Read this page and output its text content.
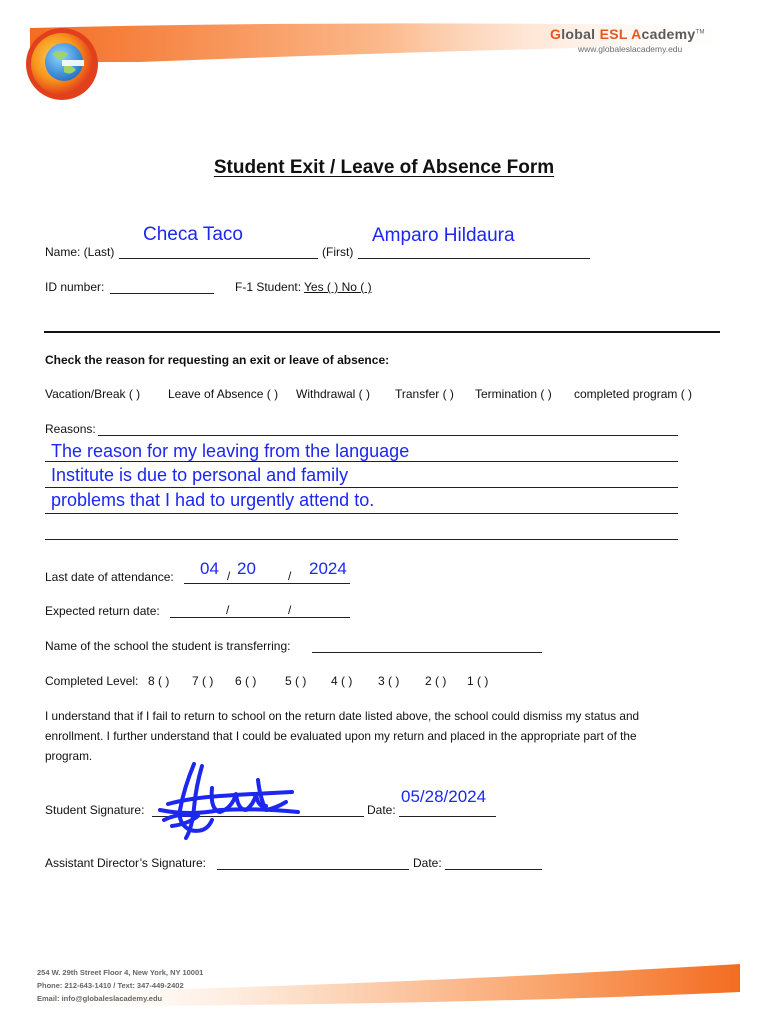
Global ESL Academy™
www.globaleslacademy.edu
Student Exit / Leave of Absence Form
Checa Taco	Amparo Hildaura
Name: (Last)	(First)
ID number:	F-1 Student: Yes ( ) No ( )
Check the reason for requesting an exit or leave of absence:
Vacation/Break ( ) Leave of Absence ( ) Withdrawal ( ) Transfer ( ) Termination ( ) completed program ( )
Reasons:
The reason for my leaving from the language
Institute is due to personal and family
problems that I had to urgently attend to.
Last date of attendance: 04 / 20	/ 2024
Expected return date:	/	/
Name of the school the student is transferring:
Completed Level: 8 ( ) 7 ( ) 6 ( ) 5 ( ) 4 ( ) 3 ( ) 2 ( ) 1 ( )
I understand that if I fail to return to school on the return date listed above, the school could dismiss my status and
enrollment. I further understand that I could be evaluated upon my return and placed in the appropriate part of the
program.
Student Signature:	Date:
05/28/2024
Assistant Director’s Signature:	Date:
254 W. 29th Street Floor 4, New York, NY 10001
Phone: 212-643-1410 / Text: 347-449-2402
Email: info@globaleslacademy.edu
